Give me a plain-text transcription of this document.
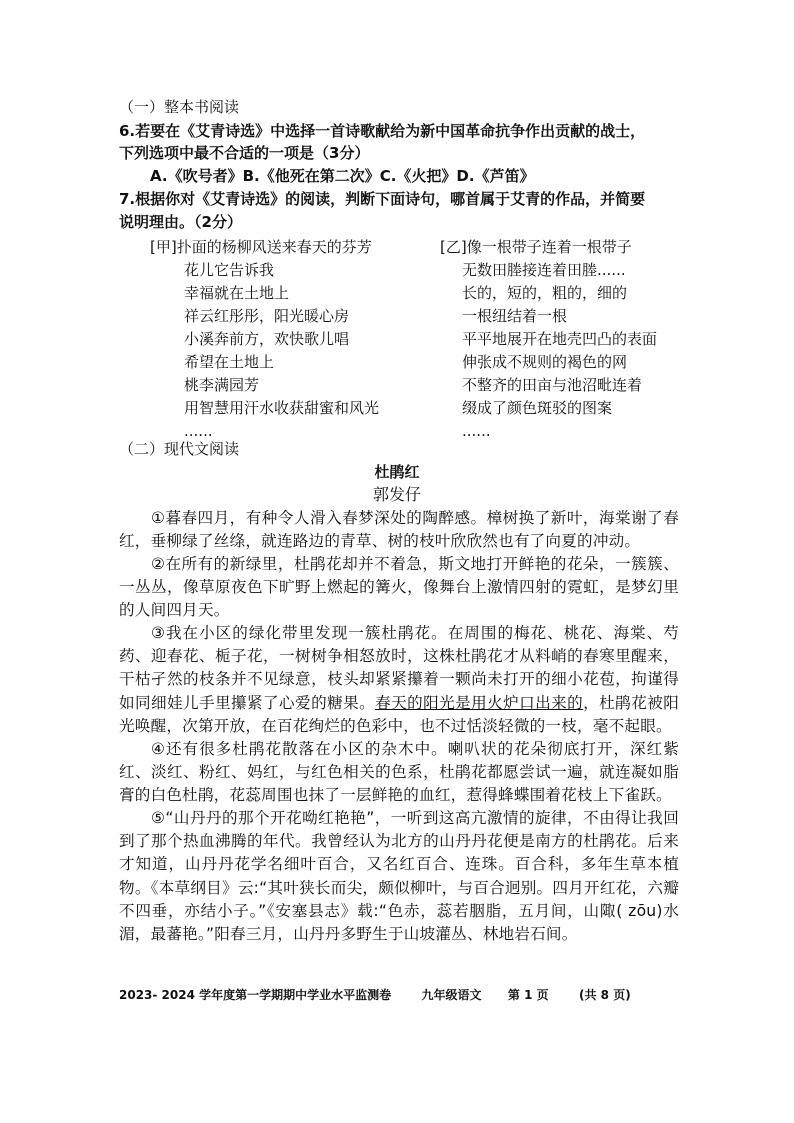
（一）整本书阅读
6.若要在《艾青诗选》中选择一首诗歌献给为新中国革命抗争作出贡献的战士，
下列选项中最不合适的一项是（3分）
A.《吹号者》B.《他死在第二次》C.《火把》D.《芦笛》
7.根据你对《艾青诗选》的阅读，判断下面诗句，哪首属于艾青的作品，并简要
说明理由。（2分）
[甲]扑面的杨柳风送来春天的芬芳
花儿它告诉我
幸福就在土地上
祥云红彤彤，阳光暖心房
小溪奔前方，欢快歌儿唱
希望在土地上
桃李满园芳
用智慧用汗水收获甜蜜和风光
......
[乙]像一根带子连着一根带子
无数田塍接连着田塍......
长的，短的，粗的，细的
一根纽结着一根
平平地展开在地壳凹凸的表面
伸张成不规则的褐色的网
不整齐的田亩与池沼毗连着
缀成了颜色斑驳的图案
......
（二）现代文阅读
杜鹃红
郭发仔
①暮春四月，有种令人滑入春梦深处的陶醉感。樟树换了新叶，海棠谢了春红，垂柳绿了丝绦，就连路边的青草、树的枝叶欣欣然也有了向夏的冲动。
②在所有的新绿里，杜鹃花却并不着急，斯文地打开鲜艳的花朵，一簇簇、一丛丛，像草原夜色下旷野上燃起的篝火，像舞台上激情四射的霓虹，是梦幻里的人间四月天。
③我在小区的绿化带里发现一簇杜鹃花。在周围的梅花、桃花、海棠、芍药、迎春花、栀子花，一树树争相怒放时，这株杜鹃花才从料峭的春寒里醒来，干枯孑然的枝条并不见绿意，枝头却紧紧攥着一颗尚未打开的细小花苞，拘谨得如同细娃儿手里攥紧了心爱的糖果。春天的阳光是用火炉口出来的，杜鹃花被阳光唤醒，次第开放，在百花绚烂的色彩中，也不过恬淡轻微的一枝，毫不起眼。
④还有很多杜鹃花散落在小区的杂木中。喇叭状的花朵彻底打开，深红紫红、淡红、粉红、妈红，与红色相关的色系，杜鹃花都愿尝试一遍，就连凝如脂膏的白色杜鹃，花蕊周围也抹了一层鲜艳的血红，惹得蜂蝶围着花枝上下雀跃。
⑤“山丹丹的那个开花呦红艳艳”，一听到这高亢激情的旋律，不由得让我回到了那个热血沸腾的年代。我曾经认为北方的山丹丹花便是南方的杜鹃花。后来才知道，山丹丹花学名细叶百合，又名红百合、连珠。百合科，多年生草本植物。《本草纲目》云:“其叶狭长而尖，颇似柳叶，与百合迥别。四月开红花，六瓣不四垂，亦结小子。”《安塞县志》载:“色赤，蕊若胭脂，五月间，山陬( zōu)水湄，最蕃艳。”阳春三月，山丹丹多野生于山坡灌丛、林地岩石间。
2023- 2024 学年度第一学期期中学业水平监测卷	九年级语文 第 1 页	(共 8 页)
